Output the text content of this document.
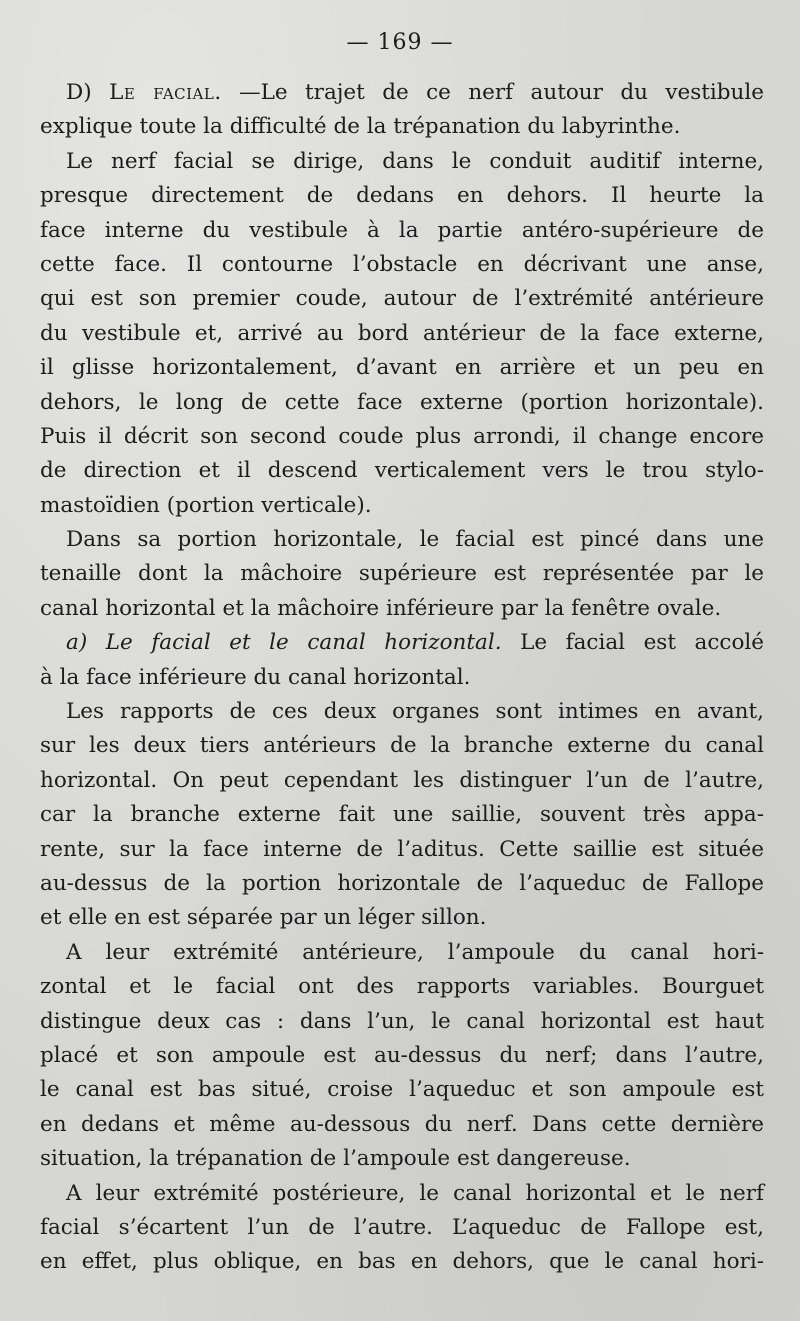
— 169 —
D) Le facial. —Le trajet de ce nerf autour du vestibule
explique toute la difficulté de la trépanation du labyrinthe.
Le nerf facial se dirige, dans le conduit auditif interne,
presque directement de dedans en dehors. Il heurte la
face interne du vestibule à la partie antéro-supérieure de
cette face. Il contourne l’obstacle en décrivant une anse,
qui est son premier coude, autour de l’extrémité antérieure
du vestibule et, arrivé au bord antérieur de la face externe,
il glisse horizontalement, d’avant en arrière et un peu en
dehors, le long de cette face externe (portion horizontale).
Puis il décrit son second coude plus arrondi, il change encore
de direction et il descend verticalement vers le trou stylo-
mastoïdien (portion verticale).
Dans sa portion horizontale, le facial est pincé dans une
tenaille dont la mâchoire supérieure est représentée par le
canal horizontal et la mâchoire inférieure par la fenêtre ovale.
a) Le facial et le canal horizontal. Le facial est accolé
à la face inférieure du canal horizontal.
Les rapports de ces deux organes sont intimes en avant,
sur les deux tiers antérieurs de la branche externe du canal
horizontal. On peut cependant les distinguer l’un de l’autre,
car la branche externe fait une saillie, souvent très appa-
rente, sur la face interne de l’aditus. Cette saillie est située
au-dessus de la portion horizontale de l’aqueduc de Fallope
et elle en est séparée par un léger sillon.
A leur extrémité antérieure, l’ampoule du canal hori-
zontal et le facial ont des rapports variables. Bourguet
distingue deux cas : dans l’un, le canal horizontal est haut
placé et son ampoule est au-dessus du nerf; dans l’autre,
le canal est bas situé, croise l’aqueduc et son ampoule est
en dedans et même au-dessous du nerf. Dans cette dernière
situation, la trépanation de l’ampoule est dangereuse.
A leur extrémité postérieure, le canal horizontal et le nerf
facial s’écartent l’un de l’autre. L’aqueduc de Fallope est,
en effet, plus oblique, en bas en dehors, que le canal hori-
